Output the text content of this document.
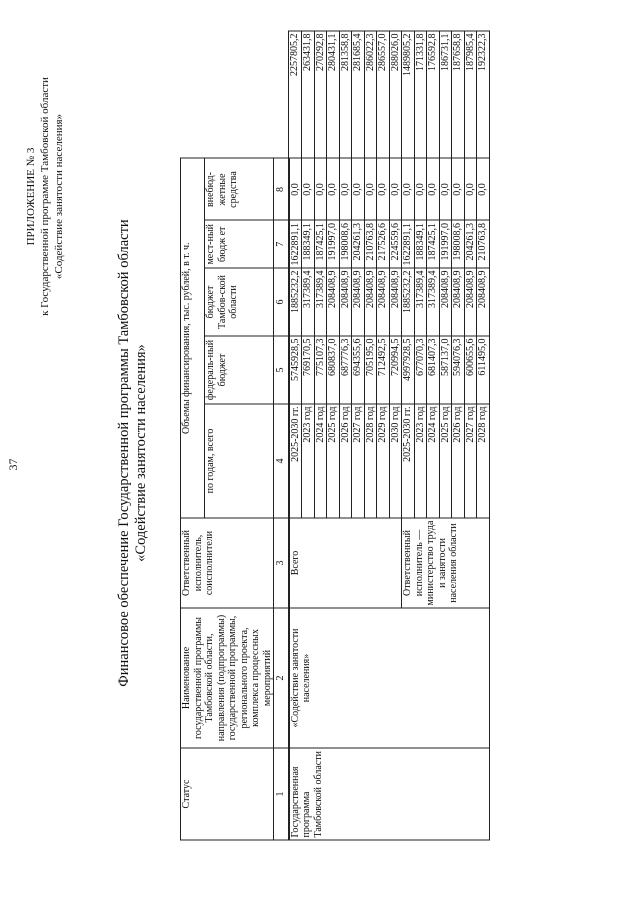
37
ПРИЛОЖЕНИЕ № 3 к Государственной программе Тамбовской области «Содействие занятости населения»
Финансовое обеспечение Государственной программы Тамбовской области «Содействие занятости населения»
Статус	Наименование государственной программы Тамбовской области, направления (подпрограммы) государственной программы, регионального проекта, комплекса процессных мероприятий	Ответственный исполнитель, соисполнители	Объемы финансирования, тыс. рублей, в т. ч.					
			по годам, всего	федераль-ный бюджет	бюджет Тамбов-ской области	мест-ный бюдж ет	внебюд-жетные средства	
1	2	3	4	5	6	7	8	
Государственная программа Тамбовской области	«Содействие занятости населения»	Всего	2025-2030 гг.	5745928,5	1885232,2	1622891,1	0,0	2257805,2
			2023 год	769170,5	317389,4	188349,1	0,0	263431,8
			2024 год	775107,3	317389,4	187425,1	0,0	270292,8
			2025 год	680837,0	208408,9	191997,0	0,0	280431,1
			2026 год	687776,3	208408,9	198008,6	0,0	281358,8
			2027 год	694355,6	208408,9	204261,3	0,0	281685,4
			2028 год	705195,0	208408,9	210763,8	0,0	286022,3
			2029 год	712492,5	208408,9	217526,6	0,0	286557,0
			2030 год	720994,5	208408,9	224559,6	0,0	288026,0
		Ответственный исполнитель — министерство труда и занятости населения области	2025-2030 гг.	4997928,5	1885232,2	1622891,1	0,0	1489805,2
			2023 год	677070,3	317389,4	188349,1	0,0	171331,8
			2024 год	681407,3	317389,4	187425,1	0,0	176592,8
			2025 год	587137,0	208408,9	191997,0	0,0	186731,1
			2026 год	594076,3	208408,9	198008,6	0,0	187658,8
			2027 год	600655,6	208408,9	204261,3	0,0	187985,4
			2028 год	611495,0	208408,9	210763,8	0,0	192322,3
